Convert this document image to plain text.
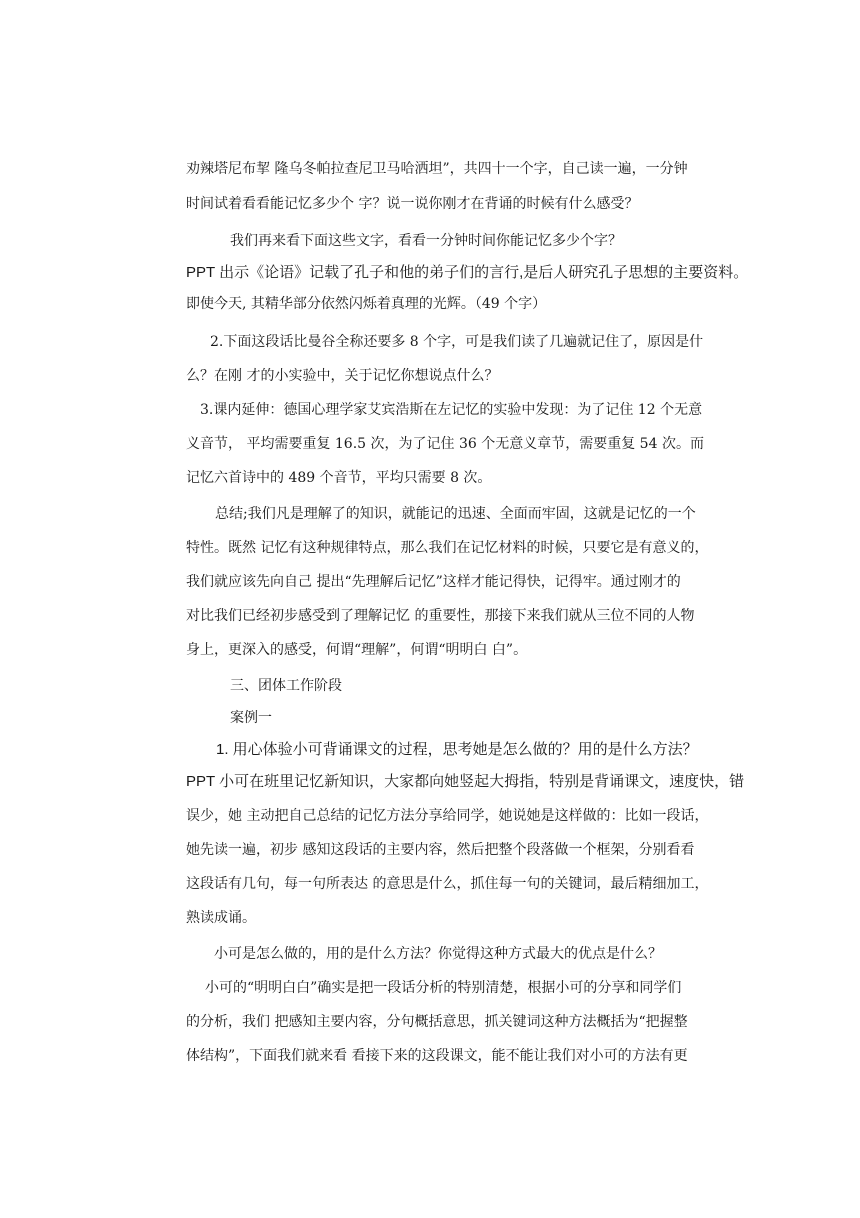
劝辣塔尼布挈 隆乌冬帕拉查尼卫马哈洒坦”，共四十一个字，自己读一遍，一分钟
时间试着看看能记忆多少个 字？说一说你刚才在背诵的时候有什么感受？
我们再来看下面这些文字，看看一分钟时间你能记忆多少个字？
PPT 出示《论语》记载了孔子和他的弟子们的言行,是后人研究孔子思想的主要资料。
即使今天, 其精华部分依然闪烁着真理的光辉。（49 个字）
2.下面这段话比曼谷全称还要多 8 个字，可是我们读了几遍就记住了，原因是什
么？在刚 才的小实验中，关于记忆你想说点什么？
3.课内延伸：德国心理学家艾宾浩斯在左记忆的实验中发现：为了记住 12 个无意
义音节， 平均需要重复 16.5 次，为了记住 36 个无意义章节，需要重复 54 次。而
记忆六首诗中的 489 个音节，平均只需要 8 次。
总结;我们凡是理解了的知识，就能记的迅速、全面而牢固，这就是记忆的一个
特性。既然 记忆有这种规律特点，那么我们在记忆材料的时候，只要它是有意义的，
我们就应该先向自己 提出“先理解后记忆”这样才能记得快，记得牢。通过刚才的
对比我们已经初步感受到了理解记忆 的重要性，那接下来我们就从三位不同的人物
身上，更深入的感受，何谓“理解”，何谓“明明白 白”。
三、团体工作阶段
案例一
1. 用心体验小可背诵课文的过程，思考她是怎么做的？用的是什么方法？
PPT 小可在班里记忆新知识，大家都向她竖起大拇指，特别是背诵课文，速度快，错
误少，她 主动把自己总结的记忆方法分享给同学，她说她是这样做的：比如一段话，
她先读一遍，初步 感知这段话的主要内容，然后把整个段落做一个框架，分别看看
这段话有几句，每一句所表达 的意思是什么，抓住每一句的关键词，最后精细加工，
熟读成诵。
小可是怎么做的，用的是什么方法？你觉得这种方式最大的优点是什么？
小可的“明明白白”确实是把一段话分析的特别清楚，根据小可的分享和同学们
的分析，我们 把感知主要内容，分句概括意思，抓关键词这种方法概括为“把握整
体结构”，下面我们就来看 看接下来的这段课文，能不能让我们对小可的方法有更
